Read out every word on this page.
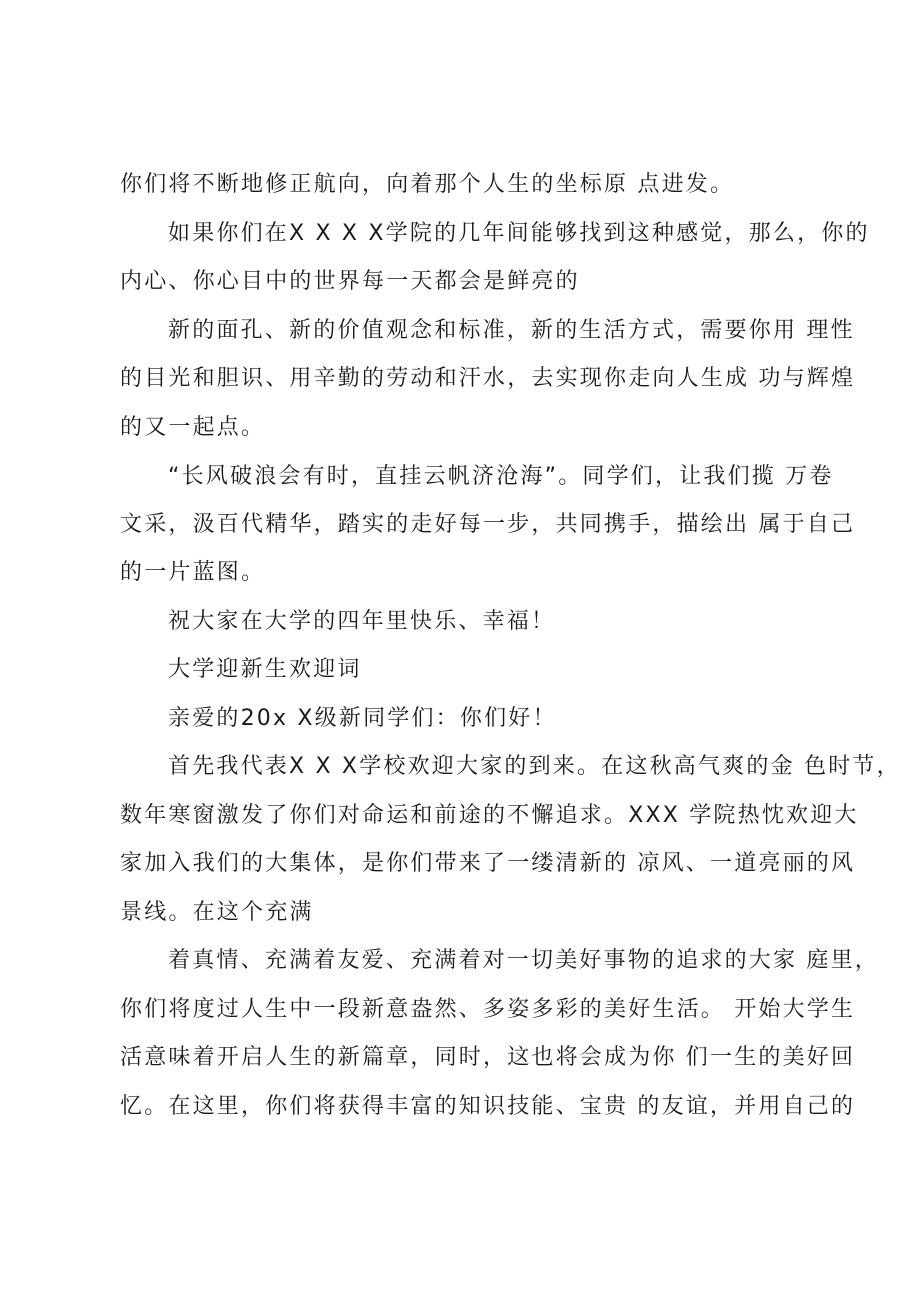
你们将不断地修正航向，向着那个人生的坐标原 点进发。
如果你们在X X X X学院的几年间能够找到这种感觉，那么，你的
内心、你心目中的世界每一天都会是鲜亮的
新的面孔、新的价值观念和标准，新的生活方式，需要你用 理性
的目光和胆识、用辛勤的劳动和汗水，去实现你走向人生成 功与辉煌
的又一起点。
“长风破浪会有时，直挂云帆济沧海”。同学们，让我们揽 万卷
文采，汲百代精华，踏实的走好每一步，共同携手，描绘出 属于自己
的一片蓝图。
祝大家在大学的四年里快乐、幸福！
大学迎新生欢迎词
亲爱的20x X级新同学们：你们好！
首先我代表X X X学校欢迎大家的到来。在这秋高气爽的金 色时节，
数年寒窗激发了你们对命运和前途的不懈追求。XXX 学院热忱欢迎大
家加入我们的大集体，是你们带来了一缕清新的 凉风、一道亮丽的风
景线。在这个充满
着真情、充满着友爱、充满着对一切美好事物的追求的大家 庭里，
你们将度过人生中一段新意盎然、多姿多彩的美好生活。 开始大学生
活意味着开启人生的新篇章，同时，这也将会成为你 们一生的美好回
忆。在这里，你们将获得丰富的知识技能、宝贵 的友谊，并用自己的
